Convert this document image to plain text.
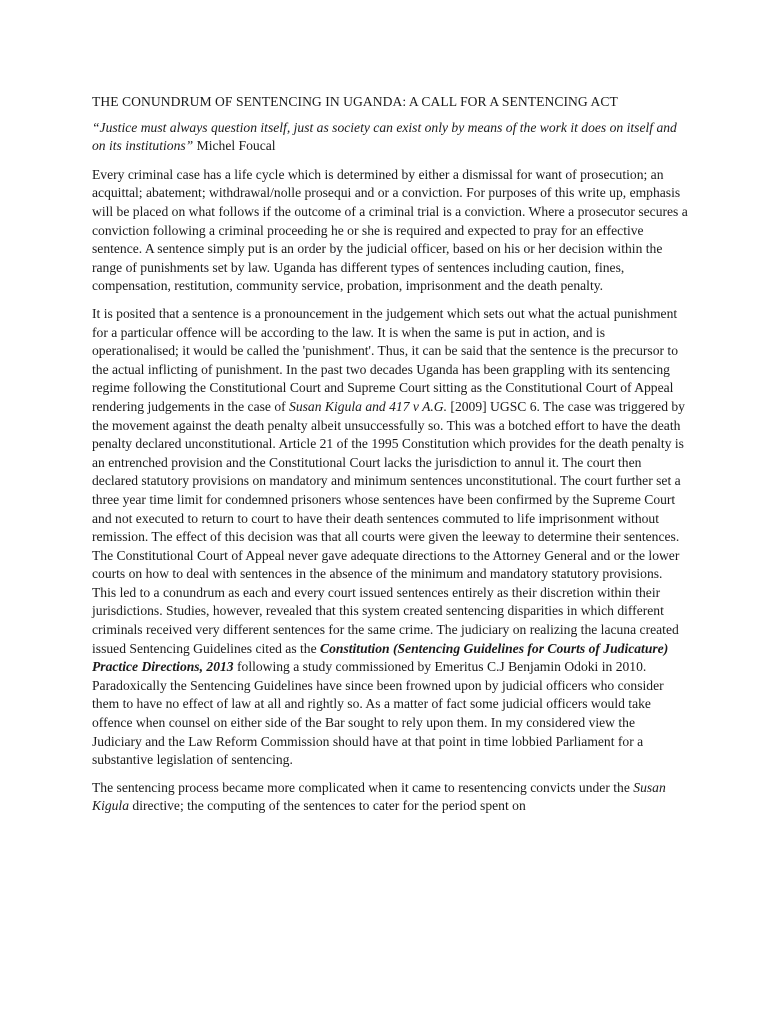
THE CONUNDRUM OF SENTENCING IN UGANDA: A CALL FOR A SENTENCING ACT
“Justice must always question itself, just as society can exist only by means of the work it does on itself and on its institutions” Michel Foucal

Every criminal case has a life cycle which is determined by either a dismissal for want of prosecution; an acquittal; abatement; withdrawal/nolle prosequi and or a conviction. For purposes of this write up, emphasis will be placed on what follows if the outcome of a criminal trial is a conviction. Where a prosecutor secures a conviction following a criminal proceeding he or she is required and expected to pray for an effective sentence. A sentence simply put is an order by the judicial officer, based on his or her decision within the range of punishments set by law. Uganda has different types of sentences including caution, fines, compensation, restitution, community service, probation, imprisonment and the death penalty.

It is posited that a sentence is a pronouncement in the judgement which sets out what the actual punishment for a particular offence will be according to the law. It is when the same is put in action, and is operationalised; it would be called the 'punishment'. Thus, it can be said that the sentence is the precursor to the actual inflicting of punishment. In the past two decades Uganda has been grappling with its sentencing regime following the Constitutional Court and Supreme Court sitting as the Constitutional Court of Appeal rendering judgements in the case of Susan Kigula and 417 v A.G. [2009] UGSC 6. The case was triggered by the movement against the death penalty albeit unsuccessfully so. This was a botched effort to have the death penalty declared unconstitutional. Article 21 of the 1995 Constitution which provides for the death penalty is an entrenched provision and the Constitutional Court lacks the jurisdiction to annul it. The court then declared statutory provisions on mandatory and minimum sentences unconstitutional. The court further set a three year time limit for condemned prisoners whose sentences have been confirmed by the Supreme Court and not executed to return to court to have their death sentences commuted to life imprisonment without remission. The effect of this decision was that all courts were given the leeway to determine their sentences. The Constitutional Court of Appeal never gave adequate directions to the Attorney General and or the lower courts on how to deal with sentences in the absence of the minimum and mandatory statutory provisions. This led to a conundrum as each and every court issued sentences entirely as their discretion within their jurisdictions. Studies, however, revealed that this system created sentencing disparities in which different criminals received very different sentences for the same crime. The judiciary on realizing the lacuna created issued Sentencing Guidelines cited as the Constitution (Sentencing Guidelines for Courts of Judicature) Practice Directions, 2013 following a study commissioned by Emeritus C.J Benjamin Odoki in 2010. Paradoxically the Sentencing Guidelines have since been frowned upon by judicial officers who consider them to have no effect of law at all and rightly so. As a matter of fact some judicial officers would take offence when counsel on either side of the Bar sought to rely upon them. In my considered view the Judiciary and the Law Reform Commission should have at that point in time lobbied Parliament for a substantive legislation of sentencing.

The sentencing process became more complicated when it came to resentencing convicts under the Susan Kigula directive; the computing of the sentences to cater for the period spent on
